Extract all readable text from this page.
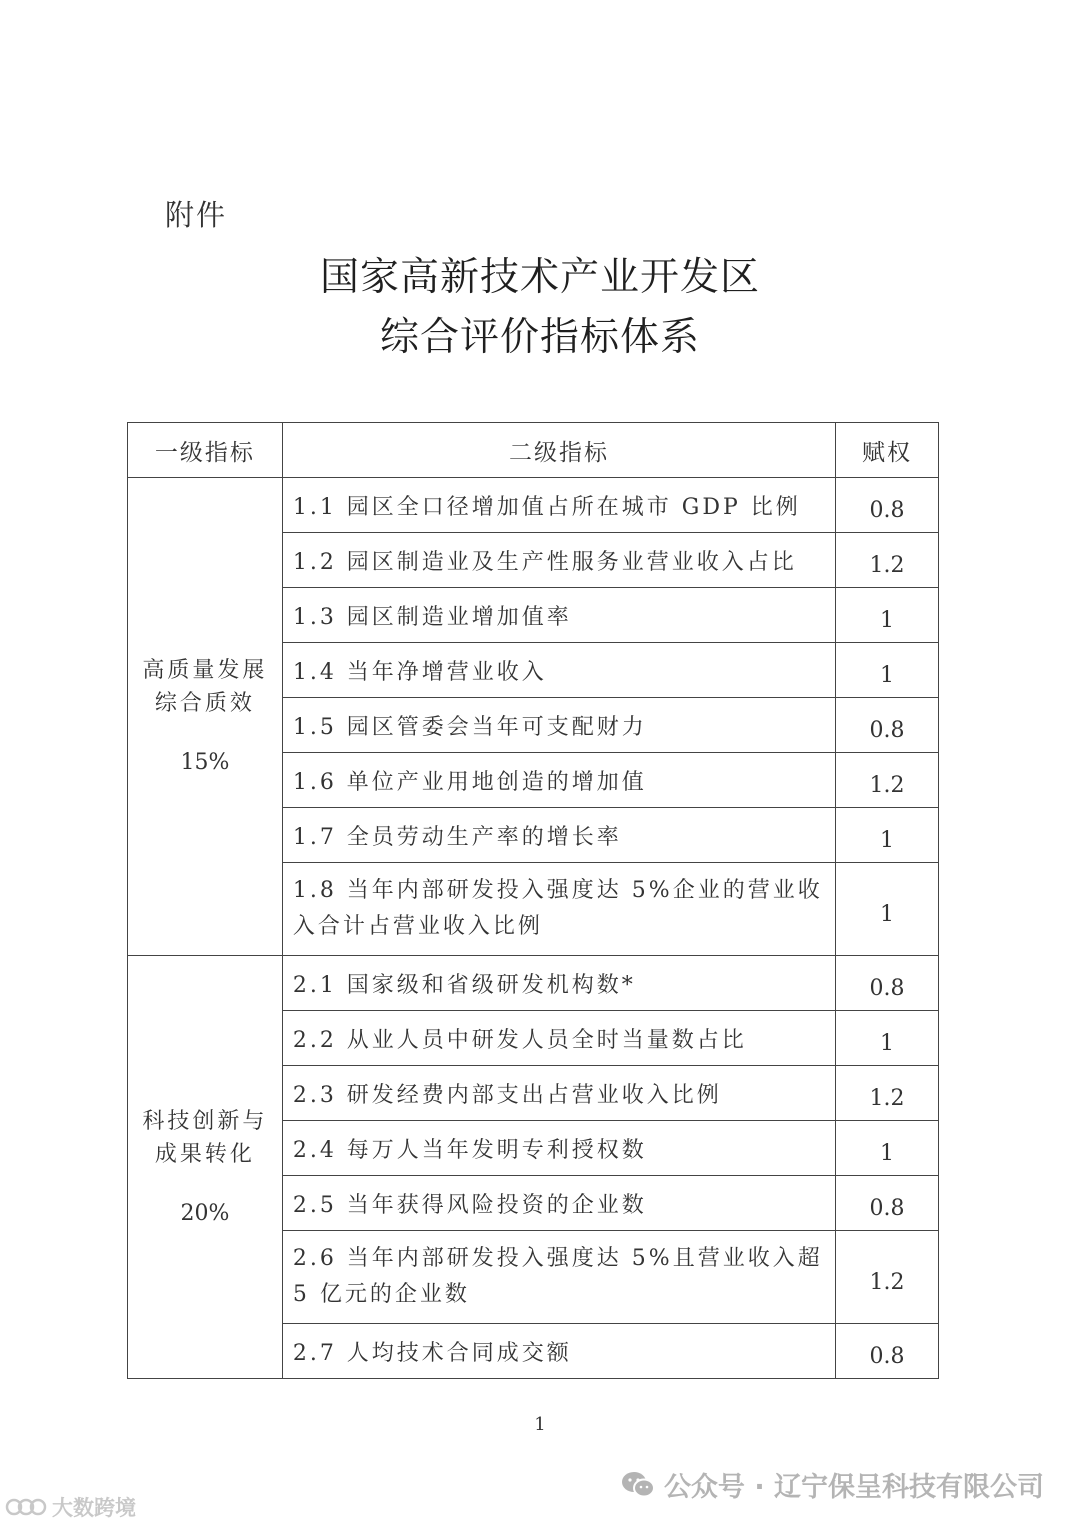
附件
国家高新技术产业开发区
综合评价指标体系
一级指标	二级指标	赋权

高质量发展
综合质效
15%	1.1 园区全口径增加值占所在城市 GDP 比例	0.8
	1.2 园区制造业及生产性服务业营业收入占比	1.2
	1.3 园区制造业增加值率	1
	1.4 当年净增营业收入	1
	1.5 园区管委会当年可支配财力	0.8
	1.6 单位产业用地创造的增加值	1.2
	1.7 全员劳动生产率的增长率	1
	1.8 当年内部研发投入强度达 5%企业的营业收入合计占营业收入比例	1

科技创新与
成果转化
20%	2.1 国家级和省级研发机构数*	0.8
	2.2 从业人员中研发人员全时当量数占比	1
	2.3 研发经费内部支出占营业收入比例	1.2
	2.4 每万人当年发明专利授权数	1
	2.5 当年获得风险投资的企业数	0.8
	2.6 当年内部研发投入强度达 5%且营业收入超 5 亿元的企业数	1.2
	2.7 人均技术合同成交额	0.8
1
大数跨境
公众号 · 辽宁保呈科技有限公司
